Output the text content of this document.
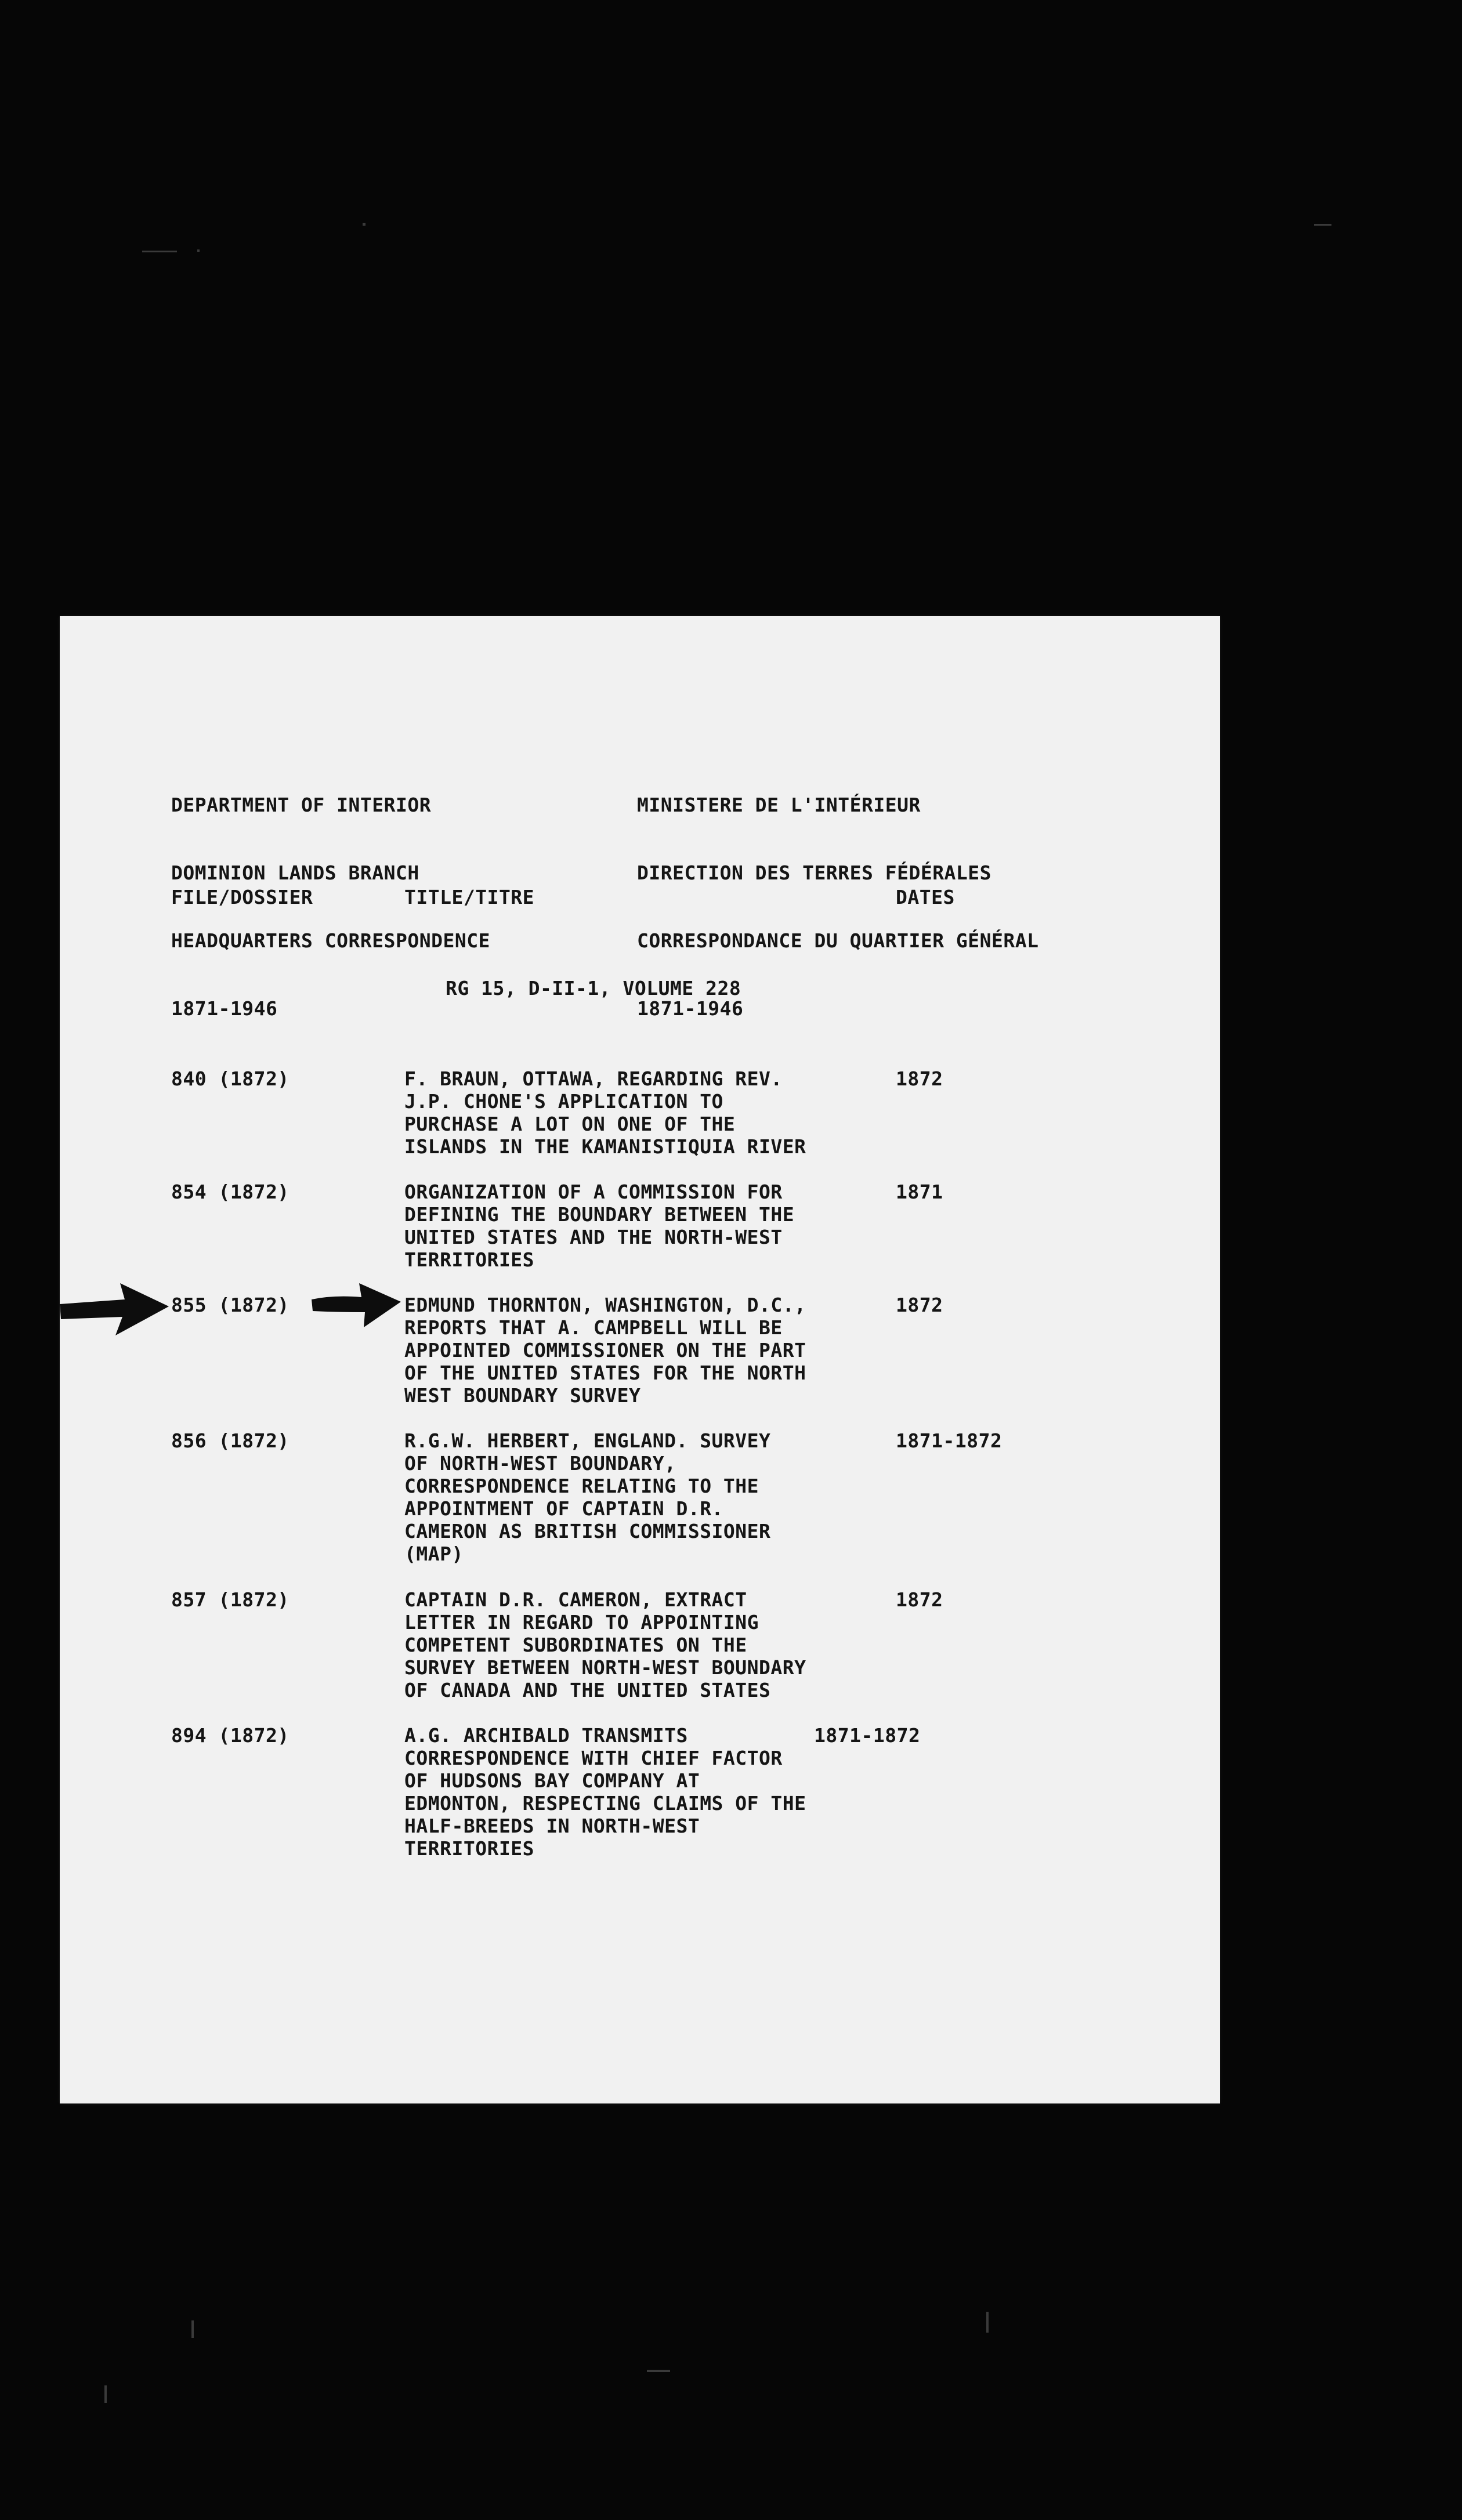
DEPARTMENT OF INTERIOR

DOMINION LANDS BRANCH

HEADQUARTERS CORRESPONDENCE

1871-1946

MINISTERE DE L'INTÉRIEUR

DIRECTION DES TERRES FÉDÉRALES

CORRESPONDANCE DU QUARTIER GÉNÉRAL

1871-1946

FILE/DOSSIER	TITLE/TITRE	DATES
RG 15, D-II-1, VOLUME 228
840 (1872)	F. BRAUN, OTTAWA, REGARDING REV.
J.P. CHONE'S APPLICATION TO
PURCHASE A LOT ON ONE OF THE
ISLANDS IN THE KAMANISTIQUIA RIVER
1872
854 (1872)	ORGANIZATION OF A COMMISSION FOR
DEFINING THE BOUNDARY BETWEEN THE
UNITED STATES AND THE NORTH-WEST
TERRITORIES
1871
855 (1872)	EDMUND THORNTON, WASHINGTON, D.C.,
REPORTS THAT A. CAMPBELL WILL BE
APPOINTED COMMISSIONER ON THE PART
OF THE UNITED STATES FOR THE NORTH
WEST BOUNDARY SURVEY
1872
856 (1872)	R.G.W. HERBERT, ENGLAND. SURVEY
OF NORTH-WEST BOUNDARY,
CORRESPONDENCE RELATING TO THE
APPOINTMENT OF CAPTAIN D.R.
CAMERON AS BRITISH COMMISSIONER
(MAP)
1871-1872
857 (1872)	CAPTAIN D.R. CAMERON, EXTRACT
LETTER IN REGARD TO APPOINTING
COMPETENT SUBORDINATES ON THE
SURVEY BETWEEN NORTH-WEST BOUNDARY
OF CANADA AND THE UNITED STATES
1872
894 (1872)	A.G. ARCHIBALD TRANSMITS
CORRESPONDENCE WITH CHIEF FACTOR
OF HUDSONS BAY COMPANY AT
EDMONTON, RESPECTING CLAIMS OF THE
HALF-BREEDS IN NORTH-WEST
TERRITORIES
1871-1872
